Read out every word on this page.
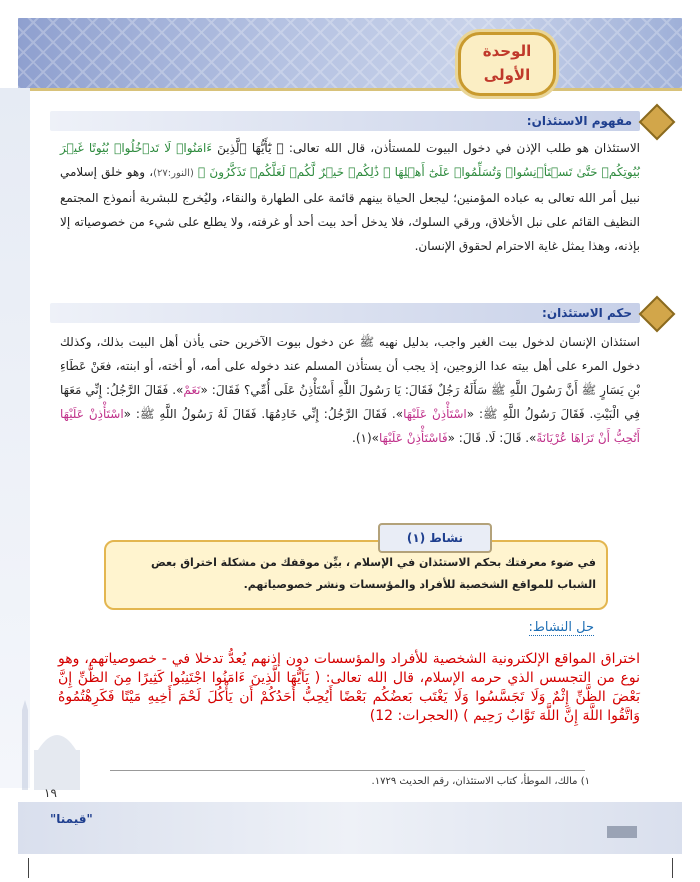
الوحدة
الأولى
مفهوم الاستئذان:
الاستئذان هو طلب الإذن في دخول البيوت للمستأذن، قال الله تعالى: ﴿ يَٰٓأَيُّهَا ٱلَّذِينَ ءَامَنُوا۟ لَا تَدۡخُلُوا۟ بُيُوتًا غَيۡرَ بُيُوتِكُمۡ حَتَّىٰ تَسۡتَأۡنِسُوا۟ وَتُسَلِّمُوا۟ عَلَىٰٓ أَهۡلِهَا ۚ ذَٰلِكُمۡ خَيۡرٌ لَّكُمۡ لَعَلَّكُمۡ تَذَكَّرُونَ ﴾ (النور:٢٧)، وهو خلق إسلامي نبيل أمر الله تعالى به عباده المؤمنين؛ ليجعل الحياة بينهم قائمة على الطهارة والنقاء، وليُخرج للبشرية أنموذج المجتمع النظيف القائم على نبل الأخلاق، ورقي السلوك، فلا يدخل أحد بيت أحد أو غرفته، ولا يطلع على شيء من خصوصياته إلا بإذنه، وهذا يمثل غاية الاحترام لحقوق الإنسان.
حكم الاستئذان:
استئذان الإنسان لدخول بيت الغير واجب، بدليل نهيه ﷺ عن دخول بيوت الآخرين حتى يأذن أهل البيت بذلك، وكذلك دخول المرء على أهل بيته عدا الزوجين، إذ يجب أن يستأذن المسلم عند دخوله على أمه، أو أخته، أو ابنته، فعَنْ عَطَاءِ بْنِ يَسَارٍ ﷺ أَنَّ رَسُولَ اللَّهِ ﷺ سَأَلَهُ رَجُلٌ فَقَالَ: يَا رَسُولَ اللَّهِ أَسْتَأْذِنُ عَلَى أُمِّي؟ فَقَالَ: «نَعَمْ». فَقَالَ الرَّجُلُ: إِنِّي مَعَهَا فِي الْبَيْتِ. فَقَالَ رَسُولُ اللَّهِ ﷺ: «اسْتَأْذِنْ عَلَيْهَا». فَقَالَ الرَّجُلُ: إِنِّي خَادِمُهَا. فَقَالَ لَهُ رَسُولُ اللَّهِ ﷺ: «اسْتَأْذِنْ عَلَيْهَا أَتُحِبُّ أَنْ تَرَاهَا عُرْيَانَةً». قَالَ: لَا. قَالَ: «فَاسْتَأْذِنْ عَلَيْهَا»(١).
في ضوء معرفتك بحكم الاستئذان في الإسلام ، بيِّن موقفك من مشكلة اختراق بعض الشباب للمواقع الشخصية للأفراد والمؤسسات ونشر خصوصياتهم.
نشاط (١)
حل النشاط:
اختراق المواقع الإلكترونية الشخصية للأفراد والمؤسسات دون إذنهم يُعدُّ تدخلا في - خصوصياتهم، وهو نوع من التجسس الذي حرمه الإسلام، قال الله تعالى: ( يَآيُّهَا الَّذِينَ ءَامَنُوا اجْتَنِبُوا كَثِيرًا مِنَ الظَّنِّ إِنَّ بَعْضَ الظَّنِّ إِثْمٌ وَلَا تَجَسَّسُوا وَلَا يَغْتَب بَعضُكُم بَعْضًا أَيُحِبُّ أَحَدُكُمْ أَن يَأْكُلَ لَحْمَ أَخِيهِ مَيْتًا فَكَرِهْتُمُوهُ وَاتَّقُوا اللَّهَ إِنَّ اللَّهَ تَوَّابٌ رَحِيم ) (الحجرات: 12)
١) مالك، الموطأ، كتاب الاستئذان، رقم الحديث ١٧٢٩.
١٩
"قيمنا"
